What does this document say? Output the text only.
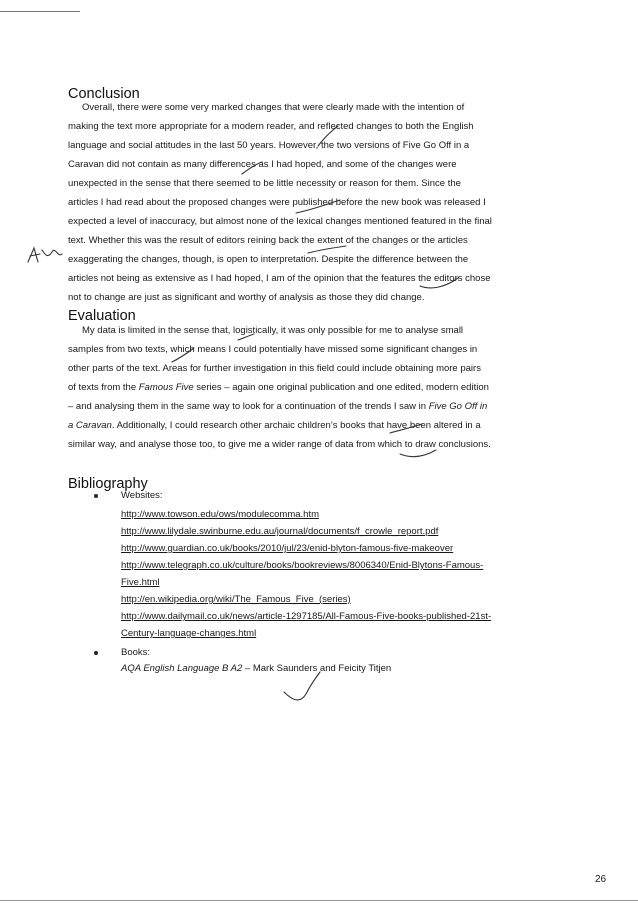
Conclusion
Overall, there were some very marked changes that were clearly made with the intention of
making the text more appropriate for a modern reader, and reflected changes to both the English
language and social attitudes in the last 50 years. However, the two versions of Five Go Off in a
Caravan did not contain as many differences as I had hoped, and some of the changes were
unexpected in the sense that there seemed to be little necessity or reason for them. Since the
articles I had read about the proposed changes were published before the new book was released I
expected a level of inaccuracy, but almost none of the lexical changes mentioned featured in the final
text. Whether this was the result of editors reining back the extent of the changes or the articles
exaggerating the changes, though, is open to interpretation. Despite the difference between the
articles not being as extensive as I had hoped, I am of the opinion that the features the editors chose
not to change are just as significant and worthy of analysis as those they did change.
Evaluation
My data is limited in the sense that, logistically, it was only possible for me to analyse small
samples from two texts, which means I could potentially have missed some significant changes in
other parts of the text. Areas for further investigation in this field could include obtaining more pairs
of texts from the Famous Five series – again one original publication and one edited, modern edition
– and analysing them in the same way to look for a continuation of the trends I saw in Five Go Off in
a Caravan. Additionally, I could research other archaic children’s books that have been altered in a
similar way, and analyse those too, to give me a wider range of data from which to draw conclusions.
Bibliography
Websites:
http://www.towson.edu/ows/modulecomma.htm
http://www.lilydale.swinburne.edu.au/journal/documents/f_crowle_report.pdf
http://www.guardian.co.uk/books/2010/jul/23/enid-blyton-famous-five-makeover
http://www.telegraph.co.uk/culture/books/bookreviews/8006340/Enid-Blytons-Famous-
Five.html
http://en.wikipedia.org/wiki/The_Famous_Five_(series)
http://www.dailymail.co.uk/news/article-1297185/All-Famous-Five-books-published-21st-
Century-language-changes.html
Books:
AQA English Language B A2 – Mark Saunders and Feicity Titjen
26
